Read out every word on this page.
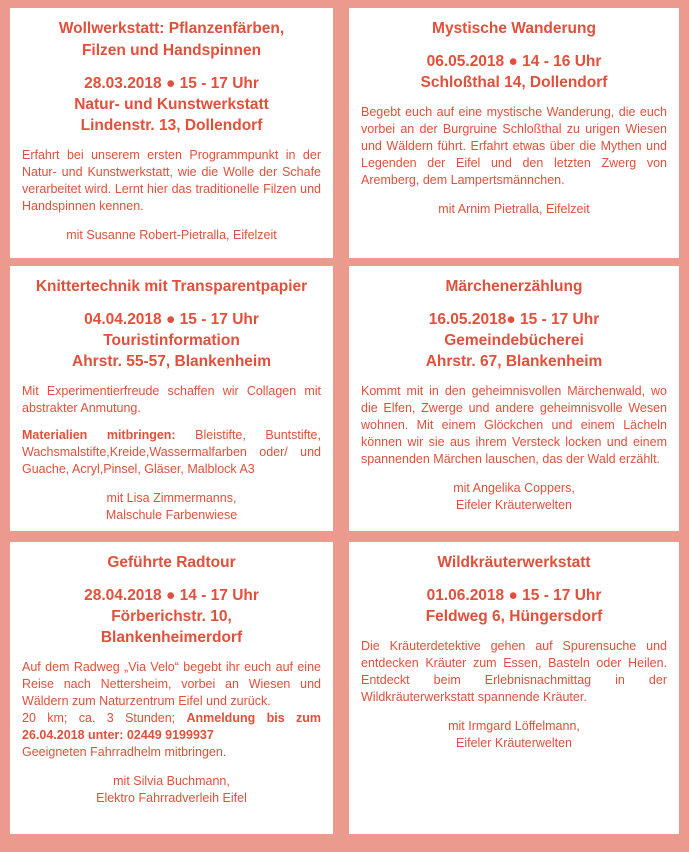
Wollwerkstatt: Pflanzenfärben,
Filzen und Handspinnen
28.03.2018 ● 15 - 17 Uhr
Natur- und Kunstwerkstatt
Lindenstr. 13, Dollendorf

Erfahrt bei unserem ersten Programmpunkt in der Natur- und Kunstwerkstatt, wie die Wolle der Schafe verarbeitet wird. Lernt hier das traditionelle Filzen und Handspinnen kennen.

mit Susanne Robert-Pietralla, Eifelzeit
Mystische Wanderung
06.05.2018 ● 14 - 16 Uhr
Schloßthal 14, Dollendorf

Begebt euch auf eine mystische Wanderung, die euch vorbei an der Burgruine Schloßthal zu urigen Wiesen und Wäldern führt. Erfahrt etwas über die Mythen und Legenden der Eifel und den letzten Zwerg von Aremberg, dem Lampertsmännchen.

mit Arnim Pietralla, Eifelzeit
Knittertechnik mit Transparentpapier
04.04.2018 ● 15 - 17 Uhr
Touristinformation
Ahrstr. 55-57, Blankenheim

Mit Experimentierfreude schaffen wir Collagen mit abstrakter Anmutung.

Materialien mitbringen: Bleistifte, Buntstifte, Wachsmalstifte,Kreide,Wassermalfarben oder/ und Guache, Acryl,Pinsel, Gläser, Malblock A3

mit Lisa Zimmermanns,
Malschule Farbenwiese
Märchenerzählung
16.05.2018● 15 - 17 Uhr
Gemeindebücherei
Ahrstr. 67, Blankenheim

Kommt mit in den geheimnisvollen Märchenwald, wo die Elfen, Zwerge und andere geheimnisvolle Wesen wohnen. Mit einem Glöckchen und einem Lächeln können wir sie aus ihrem Versteck locken und einem spannenden Märchen lauschen, das der Wald erzählt.

mit Angelika Coppers,
Eifeler Kräuterwelten
Geführte Radtour
28.04.2018 ● 14 - 17 Uhr
Förberichstr. 10,
Blankenheimerdorf

Auf dem Radweg „Via Velo“ begebt ihr euch auf eine Reise nach Nettersheim, vorbei an Wiesen und Wäldern zum Naturzentrum Eifel und zurück.
20 km; ca. 3 Stunden; Anmeldung bis zum 26.04.2018 unter: 02449 9199937
Geeigneten Fahrradhelm mitbringen.

mit Silvia Buchmann,
Elektro Fahrradverleih Eifel
Wildkräuterwerkstatt
01.06.2018 ● 15 - 17 Uhr
Feldweg 6, Hüngersdorf

Die Kräuterdetektive gehen auf Spurensuche und entdecken Kräuter zum Essen, Basteln oder Heilen. Entdeckt beim Erlebnisnachmittag in der Wildkräuterwerkstatt spannende Kräuter.

mit Irmgard Löffelmann,
Eifeler Kräuterwelten
